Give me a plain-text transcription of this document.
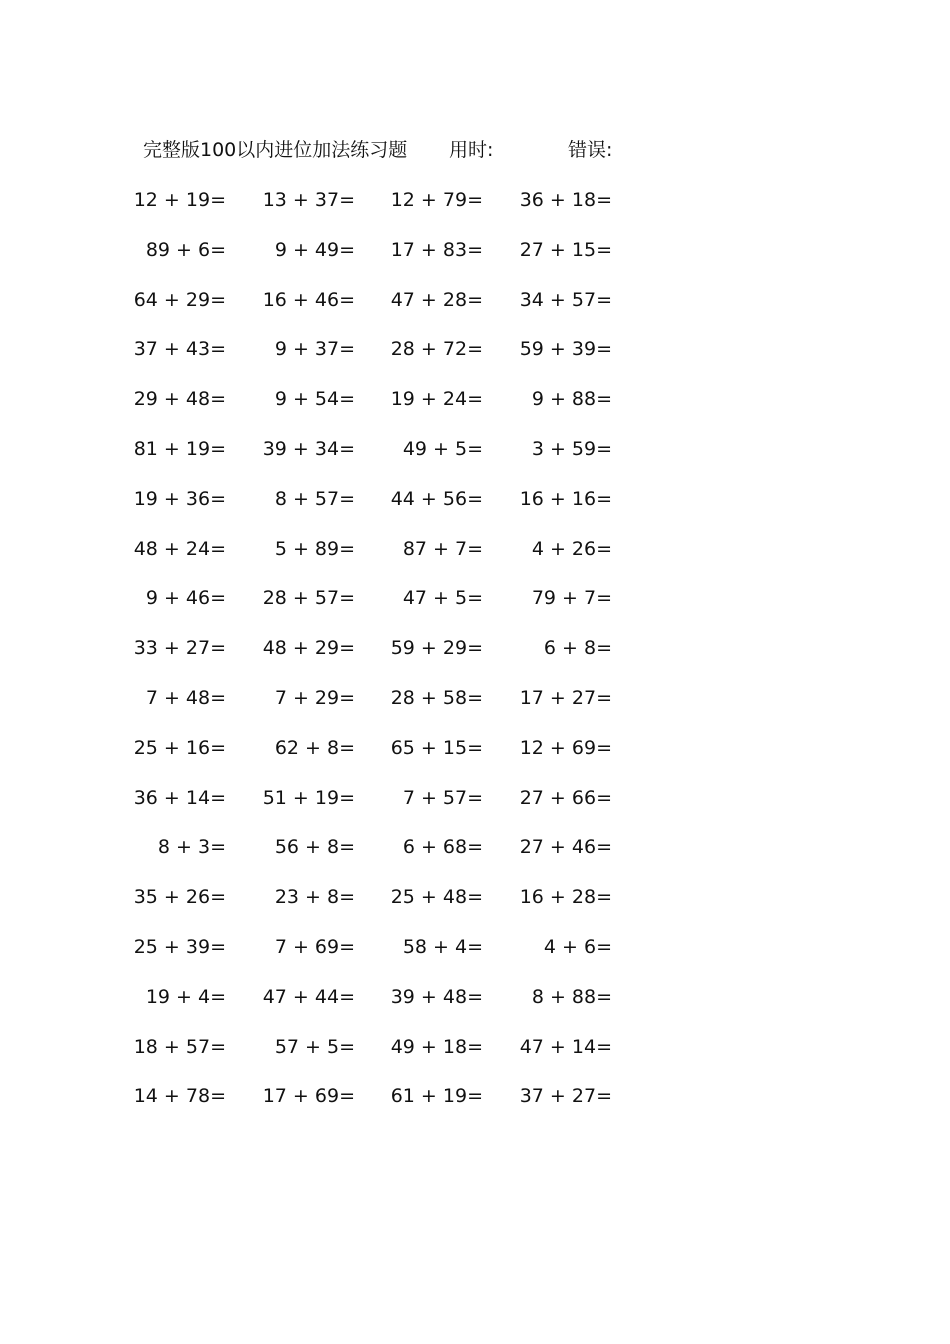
完整版100以内进位加法练习题 用时:	错误:
12 + 19= 13 + 37= 12 + 79= 36 + 18=
89 + 6=	9 + 49= 17 + 83= 27 + 15=
64 + 29= 16 + 46= 47 + 28= 34 + 57=
37 + 43=	9 + 37= 28 + 72= 59 + 39=
29 + 48=	9 + 54= 19 + 24=	9 + 88=
81 + 19= 39 + 34=	49 + 5=	3 + 59=
19 + 36=	8 + 57= 44 + 56= 16 + 16=
48 + 24=	5 + 89=	87 + 7=	4 + 26=
9 + 46= 28 + 57=	47 + 5=	79 + 7=
33 + 27= 48 + 29= 59 + 29=	6 + 8=
7 + 48=	7 + 29= 28 + 58= 17 + 27=
25 + 16=	62 + 8= 65 + 15= 12 + 69=
36 + 14= 51 + 19=	7 + 57= 27 + 66=
8 + 3=	56 + 8=	6 + 68= 27 + 46=
35 + 26=	23 + 8= 25 + 48= 16 + 28=
25 + 39=	7 + 69=	58 + 4=	4 + 6=
19 + 4= 47 + 44= 39 + 48=	8 + 88=
18 + 57=	57 + 5= 49 + 18= 47 + 14=
14 + 78= 17 + 69= 61 + 19= 37 + 27=
